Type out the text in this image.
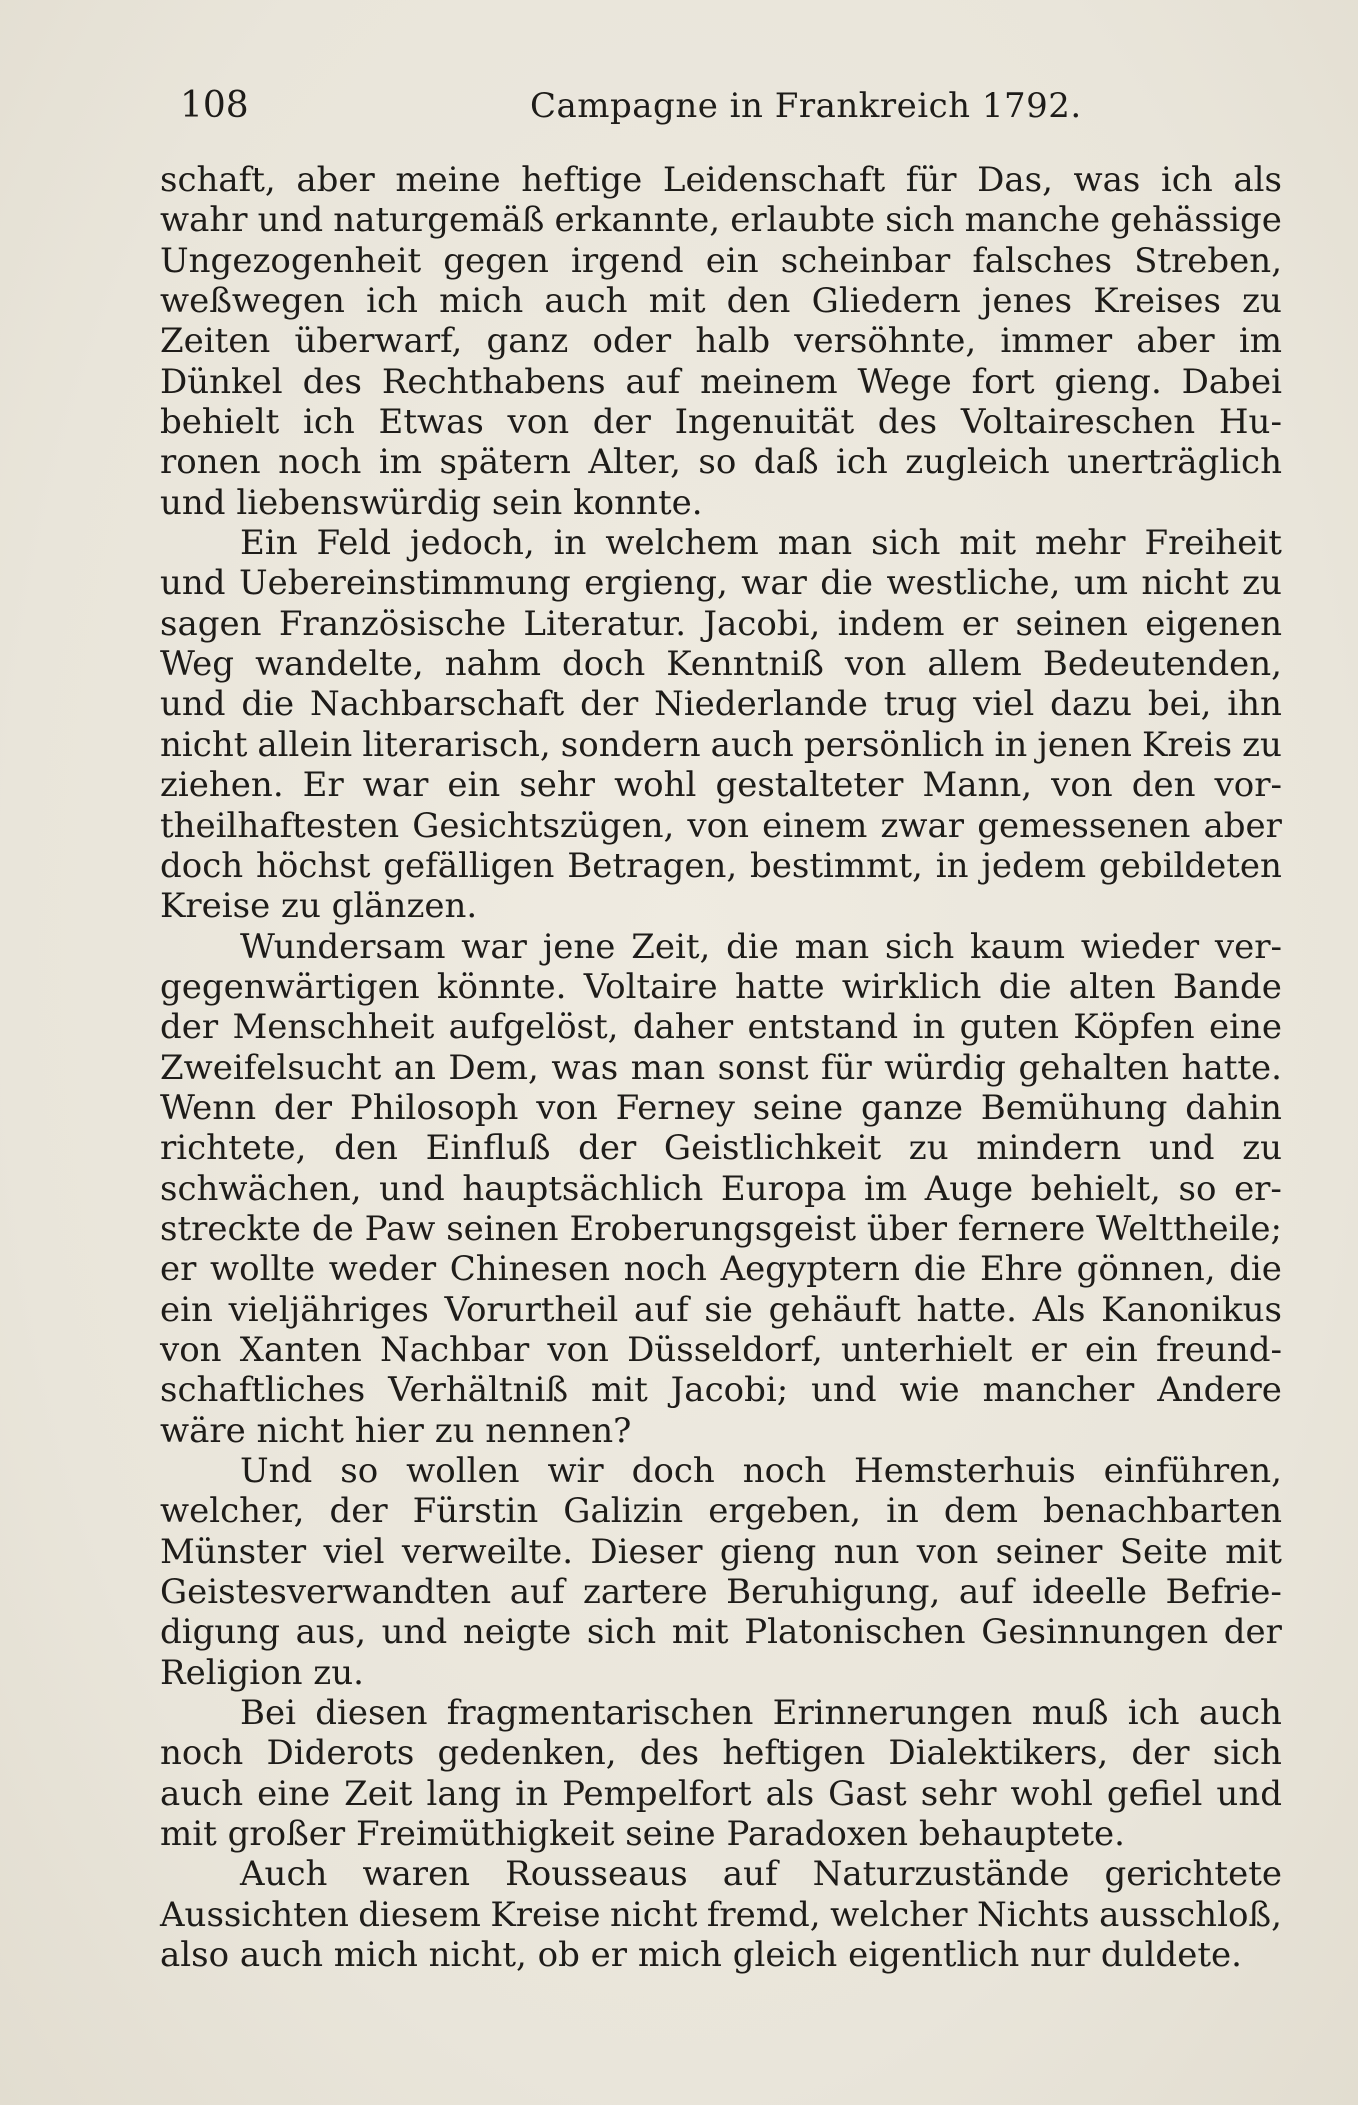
108	Campagne in Frankreich 1792.
schaft, aber meine heftige Leidenschaft für Das, was ich als
wahr und naturgemäß erkannte, erlaubte sich manche gehässige
Ungezogenheit gegen irgend ein scheinbar falsches Streben,
weßwegen ich mich auch mit den Gliedern jenes Kreises zu
Zeiten überwarf, ganz oder halb versöhnte, immer aber im
Dünkel des Rechthabens auf meinem Wege fort gieng. Dabei
behielt ich Etwas von der Ingenuität des Voltaireschen Hu-
ronen noch im spätern Alter, so daß ich zugleich unerträglich
und liebenswürdig sein konnte.
Ein Feld jedoch, in welchem man sich mit mehr Freiheit
und Uebereinstimmung ergieng, war die westliche, um nicht zu
sagen Französische Literatur. Jacobi, indem er seinen eigenen
Weg wandelte, nahm doch Kenntniß von allem Bedeutenden,
und die Nachbarschaft der Niederlande trug viel dazu bei, ihn
nicht allein literarisch, sondern auch persönlich in jenen Kreis zu
ziehen. Er war ein sehr wohl gestalteter Mann, von den vor-
theilhaftesten Gesichtszügen, von einem zwar gemessenen aber
doch höchst gefälligen Betragen, bestimmt, in jedem gebildeten
Kreise zu glänzen.
Wundersam war jene Zeit, die man sich kaum wieder ver-
gegenwärtigen könnte. Voltaire hatte wirklich die alten Bande
der Menschheit aufgelöst, daher entstand in guten Köpfen eine
Zweifelsucht an Dem, was man sonst für würdig gehalten hatte.
Wenn der Philosoph von Ferney seine ganze Bemühung dahin
richtete, den Einfluß der Geistlichkeit zu mindern und zu
schwächen, und hauptsächlich Europa im Auge behielt, so er-
streckte de Paw seinen Eroberungsgeist über fernere Welttheile;
er wollte weder Chinesen noch Aegyptern die Ehre gönnen, die
ein vieljähriges Vorurtheil auf sie gehäuft hatte. Als Kanonikus
von Xanten Nachbar von Düsseldorf, unterhielt er ein freund-
schaftliches Verhältniß mit Jacobi; und wie mancher Andere
wäre nicht hier zu nennen?
Und so wollen wir doch noch Hemsterhuis einführen,
welcher, der Fürstin Galizin ergeben, in dem benachbarten
Münster viel verweilte. Dieser gieng nun von seiner Seite mit
Geistesverwandten auf zartere Beruhigung, auf ideelle Befrie-
digung aus, und neigte sich mit Platonischen Gesinnungen der
Religion zu.
Bei diesen fragmentarischen Erinnerungen muß ich auch
noch Diderots gedenken, des heftigen Dialektikers, der sich
auch eine Zeit lang in Pempelfort als Gast sehr wohl gefiel und
mit großer Freimüthigkeit seine Paradoxen behauptete.
Auch waren Rousseaus auf Naturzustände gerichtete
Aussichten diesem Kreise nicht fremd, welcher Nichts ausschloß,
also auch mich nicht, ob er mich gleich eigentlich nur duldete.
